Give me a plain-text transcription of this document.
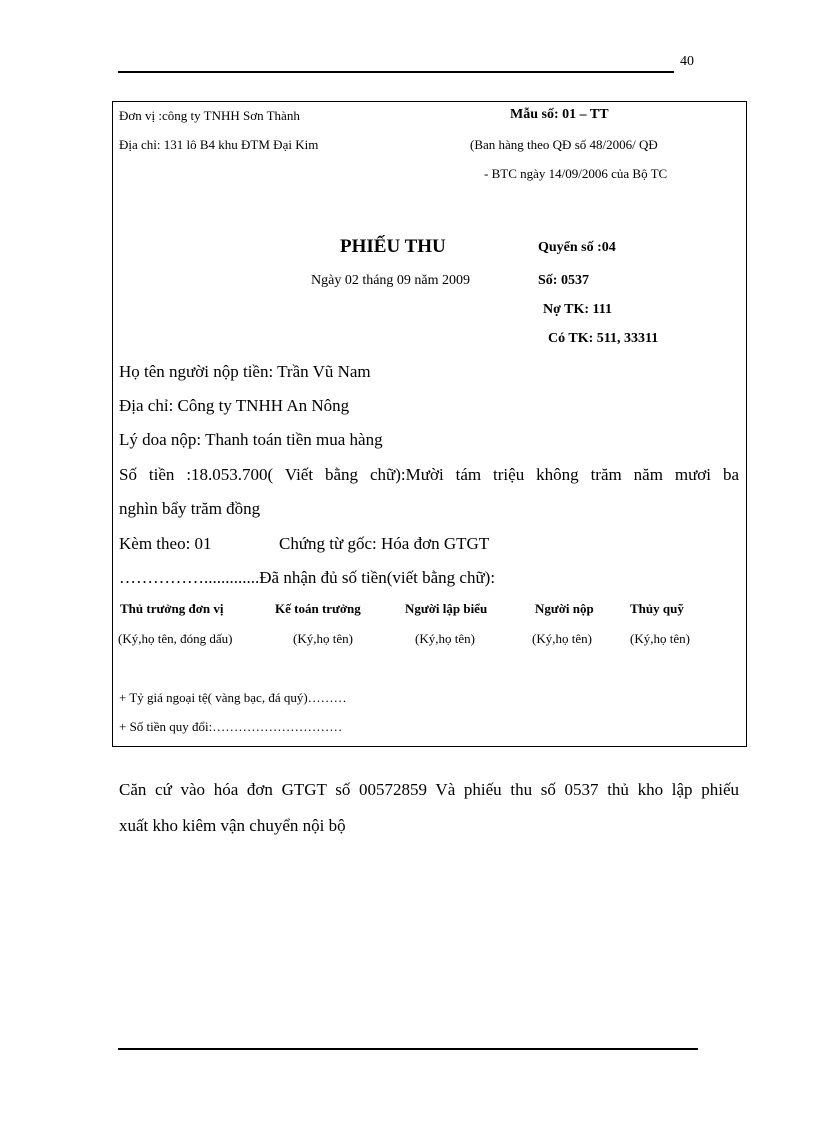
40
Đơn vị :công ty TNHH Sơn Thành
Địa chỉ: 131 lô B4 khu ĐTM Đại Kim
Mẫu số: 01 – TT
(Ban hàng theo QĐ số 48/2006/ QĐ
- BTC ngày 14/09/2006 của Bộ TC
PHIẾU THU	Quyển số :04
Ngày 02 tháng 09 năm 2009	Số: 0537
Nợ TK: 111
Có TK: 511, 33311
Họ tên người nộp tiền: Trần Vũ Nam
Địa chỉ: Công ty TNHH An Nông
Lý doa nộp: Thanh toán tiền mua hàng
Số tiền :18.053.700( Viết bằng chữ):Mười tám triệu không trăm năm mươi ba
nghìn bẩy trăm đồng
Kèm theo: 01	Chứng từ gốc: Hóa đơn GTGT
…………….............Đã nhận đủ số tiền(viết bằng chữ):
Thủ trưởng đơn vị	Kế toán trưởng	Người lập biểu	Người nộp	Thủy quỹ
(Ký,họ tên, đóng dấu)	(Ký,họ tên)	(Ký,họ tên)	(Ký,họ tên)	(Ký,họ tên)
+ Tỷ giá ngoại tệ( vàng bạc, đá quý)………
+ Số tiền quy đổi:…………………………
Căn cứ vào hóa đơn GTGT số 00572859 Và phiếu thu số 0537 thủ kho lập phiếu
xuất kho kiêm vận chuyển nội bộ
